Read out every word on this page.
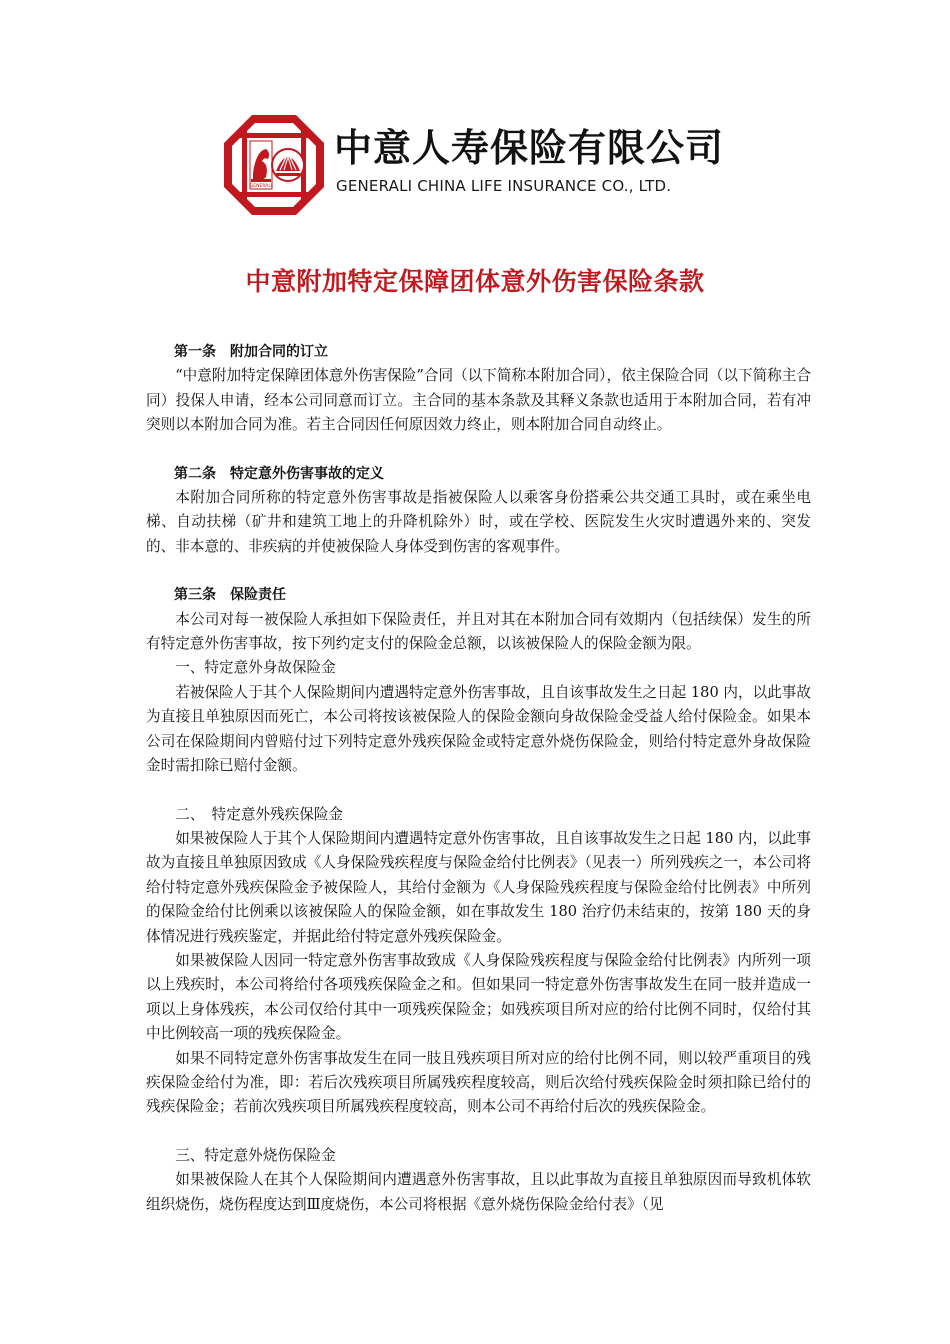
GENERALI
中意人寿保险有限公司
GENERALI CHINA LIFE INSURANCE CO., LTD.
中意附加特定保障团体意外伤害保险条款
第一条　附加合同的订立

“中意附加特定保障团体意外伤害保险”合同（以下简称本附加合同），依主保险合同（以下简称主合同）投保人申请，经本公司同意而订立。主合同的基本条款及其释义条款也适用于本附加合同，若有冲突则以本附加合同为准。若主合同因任何原因效力终止，则本附加合同自动终止。

第二条　特定意外伤害事故的定义

本附加合同所称的特定意外伤害事故是指被保险人以乘客身份搭乘公共交通工具时，或在乘坐电梯、自动扶梯（矿井和建筑工地上的升降机除外）时，或在学校、医院发生火灾时遭遇外来的、突发的、非本意的、非疾病的并使被保险人身体受到伤害的客观事件。

第三条　保险责任

本公司对每一被保险人承担如下保险责任，并且对其在本附加合同有效期内（包括续保）发生的所有特定意外伤害事故，按下列约定支付的保险金总额，以该被保险人的保险金额为限。

一、特定意外身故保险金

若被保险人于其个人保险期间内遭遇特定意外伤害事故，且自该事故发生之日起 180 内，以此事故为直接且单独原因而死亡，本公司将按该被保险人的保险金额向身故保险金受益人给付保险金。如果本公司在保险期间内曾赔付过下列特定意外残疾保险金或特定意外烧伤保险金，则给付特定意外身故保险金时需扣除已赔付金额。

二、　特定意外残疾保险金

如果被保险人于其个人保险期间内遭遇特定意外伤害事故，且自该事故发生之日起 180 内，以此事故为直接且单独原因致成《人身保险残疾程度与保险金给付比例表》（见表一）所列残疾之一，本公司将给付特定意外残疾保险金予被保险人，其给付金额为《人身保险残疾程度与保险金给付比例表》中所列的保险金给付比例乘以该被保险人的保险金额，如在事故发生 180 治疗仍未结束的，按第 180 天的身体情况进行残疾鉴定，并据此给付特定意外残疾保险金。

如果被保险人因同一特定意外伤害事故致成《人身保险残疾程度与保险金给付比例表》内所列一项以上残疾时，本公司将给付各项残疾保险金之和。但如果同一特定意外伤害事故发生在同一肢并造成一项以上身体残疾，本公司仅给付其中一项残疾保险金；如残疾项目所对应的给付比例不同时，仅给付其中比例较高一项的残疾保险金。

如果不同特定意外伤害事故发生在同一肢且残疾项目所对应的给付比例不同，则以较严重项目的残疾保险金给付为准，即：若后次残疾项目所属残疾程度较高，则后次给付残疾保险金时须扣除已给付的残疾保险金；若前次残疾项目所属残疾程度较高，则本公司不再给付后次的残疾保险金。

三、特定意外烧伤保险金

如果被保险人在其个人保险期间内遭遇意外伤害事故，且以此事故为直接且单独原因而导致机体软组织烧伤，烧伤程度达到Ⅲ度烧伤，本公司将根据《意外烧伤保险金给付表》（见
